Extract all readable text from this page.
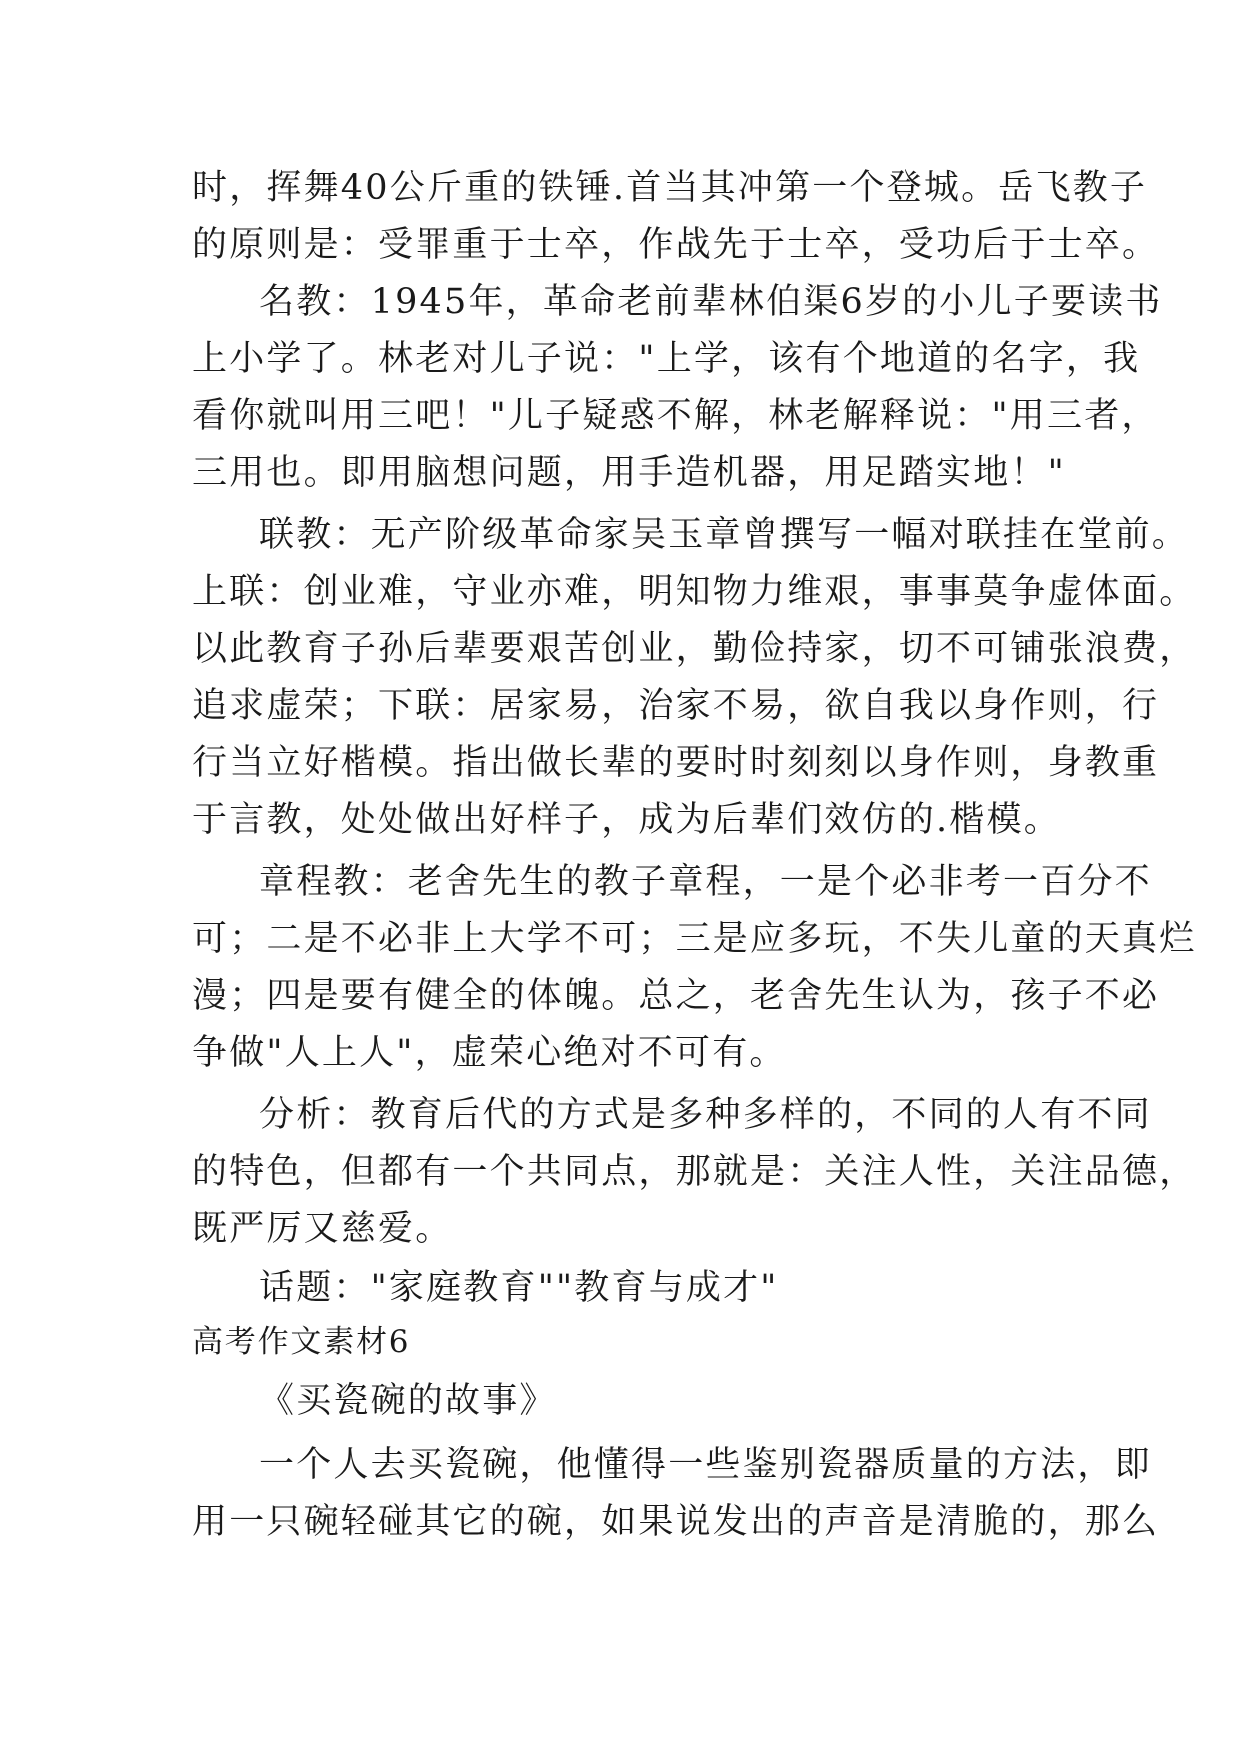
时，挥舞40公斤重的铁锤.首当其冲第一个登城。岳飞教子
的原则是：受罪重于士卒，作战先于士卒，受功后于士卒。
名教：1945年，革命老前辈林伯渠6岁的小儿子要读书
上小学了。林老对儿子说："上学，该有个地道的名字，我
看你就叫用三吧！"儿子疑惑不解，林老解释说："用三者，
三用也。即用脑想问题，用手造机器，用足踏实地！"
联教：无产阶级革命家吴玉章曾撰写一幅对联挂在堂前。
上联：创业难，守业亦难，明知物力维艰，事事莫争虚体面。
以此教育子孙后辈要艰苦创业，勤俭持家，切不可铺张浪费，
追求虚荣；下联：居家易，治家不易，欲自我以身作则，行
行当立好楷模。指出做长辈的要时时刻刻以身作则，身教重
于言教，处处做出好样子，成为后辈们效仿的.楷模。
章程教：老舍先生的教子章程，一是个必非考一百分不
可；二是不必非上大学不可；三是应多玩，不失儿童的天真烂
漫；四是要有健全的体魄。总之，老舍先生认为，孩子不必
争做"人上人"，虚荣心绝对不可有。
分析：教育后代的方式是多种多样的，不同的人有不同
的特色，但都有一个共同点，那就是：关注人性，关注品德，
既严厉又慈爱。
话题："家庭教育""教育与成才"
高考作文素材6
《买瓷碗的故事》
一个人去买瓷碗，他懂得一些鉴别瓷器质量的方法，即
用一只碗轻碰其它的碗，如果说发出的声音是清脆的，那么
